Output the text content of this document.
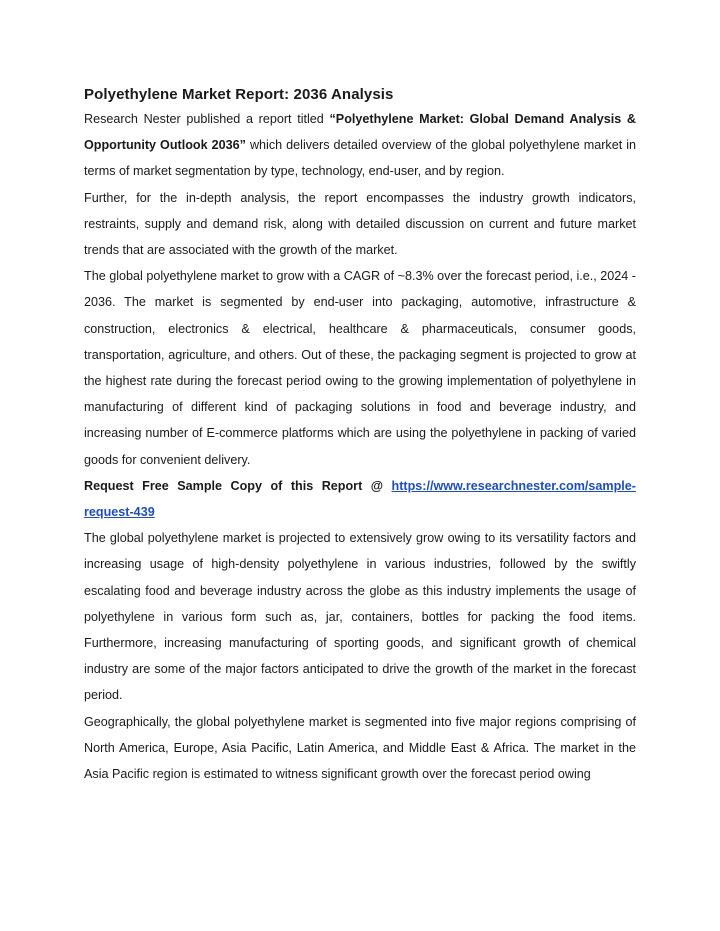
Polyethylene Market Report: 2036 Analysis

Research Nester published a report titled “Polyethylene Market: Global Demand Analysis & Opportunity Outlook 2036” which delivers detailed overview of the global polyethylene market in terms of market segmentation by type, technology, end-user, and by region.

Further, for the in-depth analysis, the report encompasses the industry growth indicators, restraints, supply and demand risk, along with detailed discussion on current and future market trends that are associated with the growth of the market.

The global polyethylene market to grow with a CAGR of ~8.3% over the forecast period, i.e., 2024 - 2036. The market is segmented by end-user into packaging, automotive, infrastructure & construction, electronics & electrical, healthcare & pharmaceuticals, consumer goods, transportation, agriculture, and others. Out of these, the packaging segment is projected to grow at the highest rate during the forecast period owing to the growing implementation of polyethylene in manufacturing of different kind of packaging solutions in food and beverage industry, and increasing number of E-commerce platforms which are using the polyethylene in packing of varied goods for convenient delivery.

Request Free Sample Copy of this Report @ https://www.researchnester.com/sample-request-439

The global polyethylene market is projected to extensively grow owing to its versatility factors and increasing usage of high-density polyethylene in various industries, followed by the swiftly escalating food and beverage industry across the globe as this industry implements the usage of polyethylene in various form such as, jar, containers, bottles for packing the food items. Furthermore, increasing manufacturing of sporting goods, and significant growth of chemical industry are some of the major factors anticipated to drive the growth of the market in the forecast period.

Geographically, the global polyethylene market is segmented into five major regions comprising of North America, Europe, Asia Pacific, Latin America, and Middle East & Africa. The market in the Asia Pacific region is estimated to witness significant growth over the forecast period owing
